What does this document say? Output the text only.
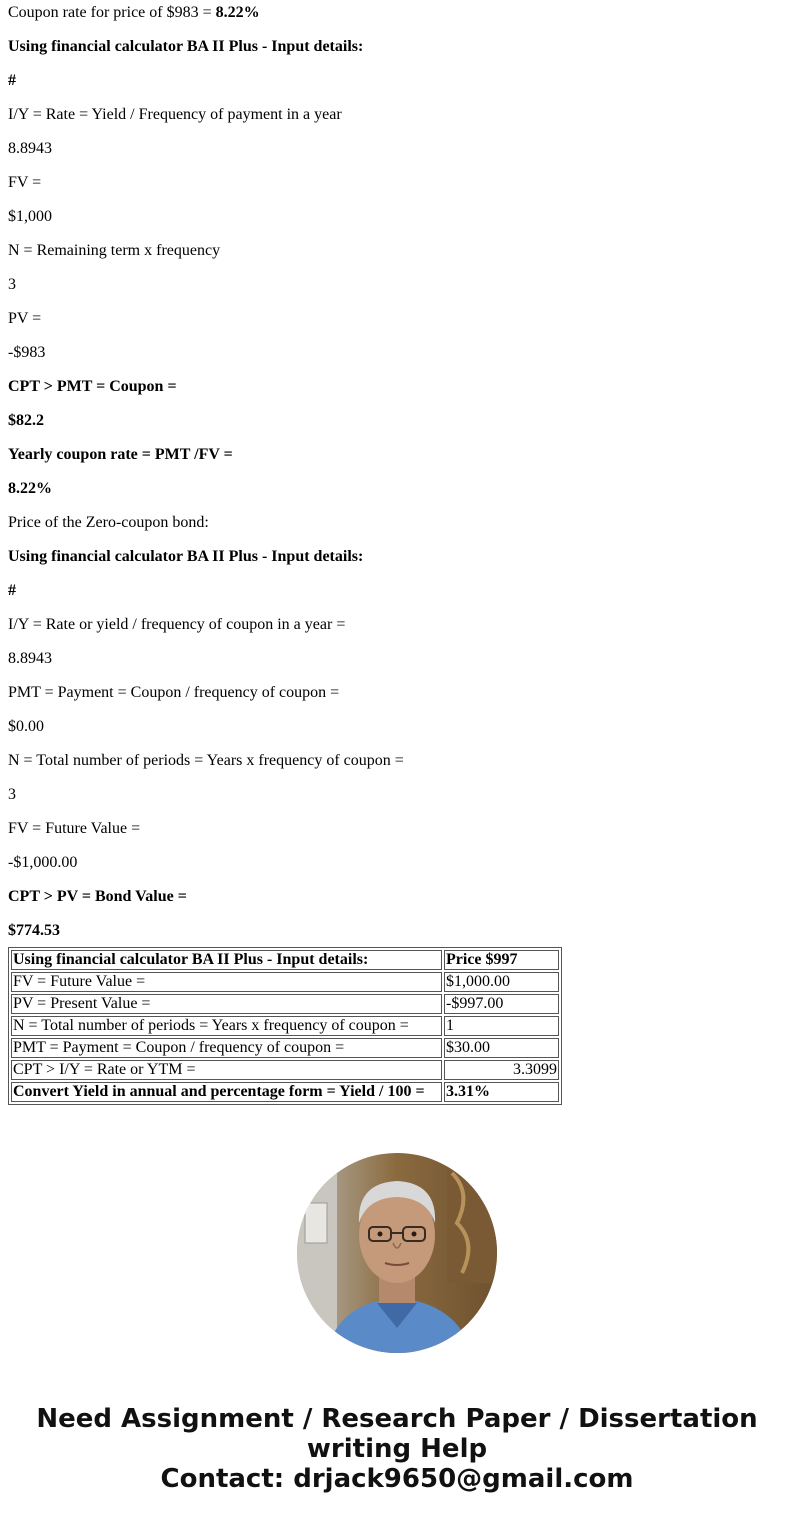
Coupon rate for price of $983 = 8.22%

Using financial calculator BA II Plus - Input details:

#

I/Y = Rate = Yield / Frequency of payment in a year

8.8943

FV =

$1,000

N = Remaining term x frequency

3

PV =

-$983

CPT > PMT = Coupon =

$82.2

Yearly coupon rate = PMT /FV =

8.22%

Price of the Zero-coupon bond:

Using financial calculator BA II Plus - Input details:

#

I/Y = Rate or yield / frequency of coupon in a year =

8.8943

PMT = Payment = Coupon / frequency of coupon =

$0.00

N = Total number of periods = Years x frequency of coupon =

3

FV = Future Value =

-$1,000.00

CPT > PV = Bond Value =

$774.53

Using financial calculator BA II Plus - Input details:	Price $997
FV = Future Value =	$1,000.00
PV = Present Value =	-$997.00
N = Total number of periods = Years x frequency of coupon =	1
PMT = Payment = Coupon / frequency of coupon =	$30.00
CPT > I/Y = Rate or YTM =	3.3099
Convert Yield in annual and percentage form = Yield / 100 =	3.31%
Need Assignment / Research Paper / Dissertation
writing Help
Contact: drjack9650@gmail.com
